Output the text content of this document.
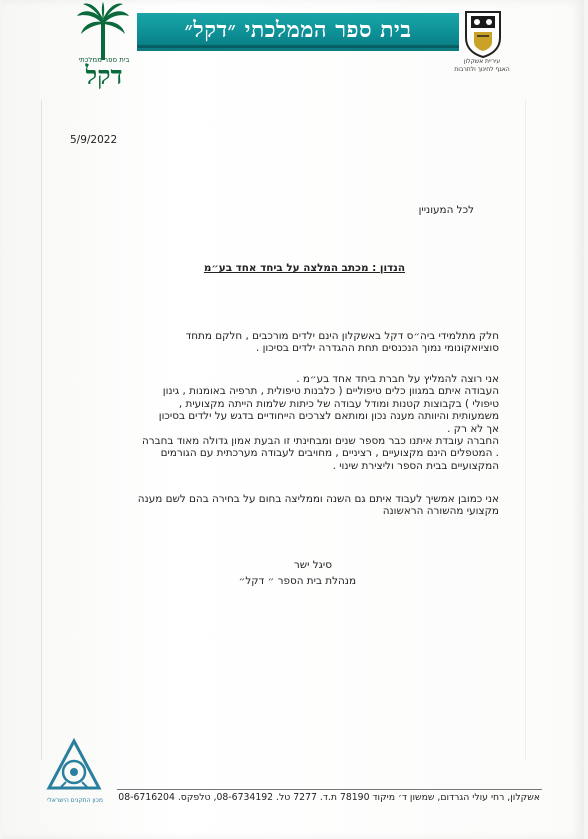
בית ספר ממלכתי
דקל
בית ספר הממלכתי ״דקל״
עיריית אשקלון
האגף לחינוך ולתרבות
5/9/2022
לכל המעוניין
הנדון : מכתב המלצה על ביחד אחד בע״מ
חלק מתלמידי ביה״ס דקל באשקלון הינם ילדים מורכבים , חלקם מתחד
סוציואקונומי נמוך הנכנסים תחת ההגדרה ילדים בסיכון .
אני רוצה להמליץ על חברת ביחד אחד בע״מ .
העבודה איתם במגוון כלים טיפוליים ( כלבנות טיפולית , תרפיה באומנות , גינון
טיפולי ) בקבוצות קטנות ומודל עבודה של כיתות שלמות הייתה מקצועית ,
משמעותית והיוותה מענה נכון ומותאם לצרכים הייחודיים בדגש על ילדים בסיכון
אך לא רק .
החברה עובדת איתנו כבר מספר שנים ומבחינתי זו הבעת אמון גדולה מאוד בחברה
. המטפלים הינם מקצועיים , רציניים , מחויבים לעבודה מערכתית עם הגורמים
המקצועיים בבית הספר וליצירת שינוי .
אני כמובן אמשיך לעבוד איתם גם השנה וממליצה בחום על בחירה בהם לשם מענה
מקצועי מהשורה הראשונה
סיגל ישר
מנהלת בית הספר ״ דקל״
מכון התקנים הישראלי	אשקלון, רחי עולי הגרדום, שמשון ד׳ מיקוד 78190 ת.ד. 7277 טל. 08-6734192, טלפקס. 08-6716204
